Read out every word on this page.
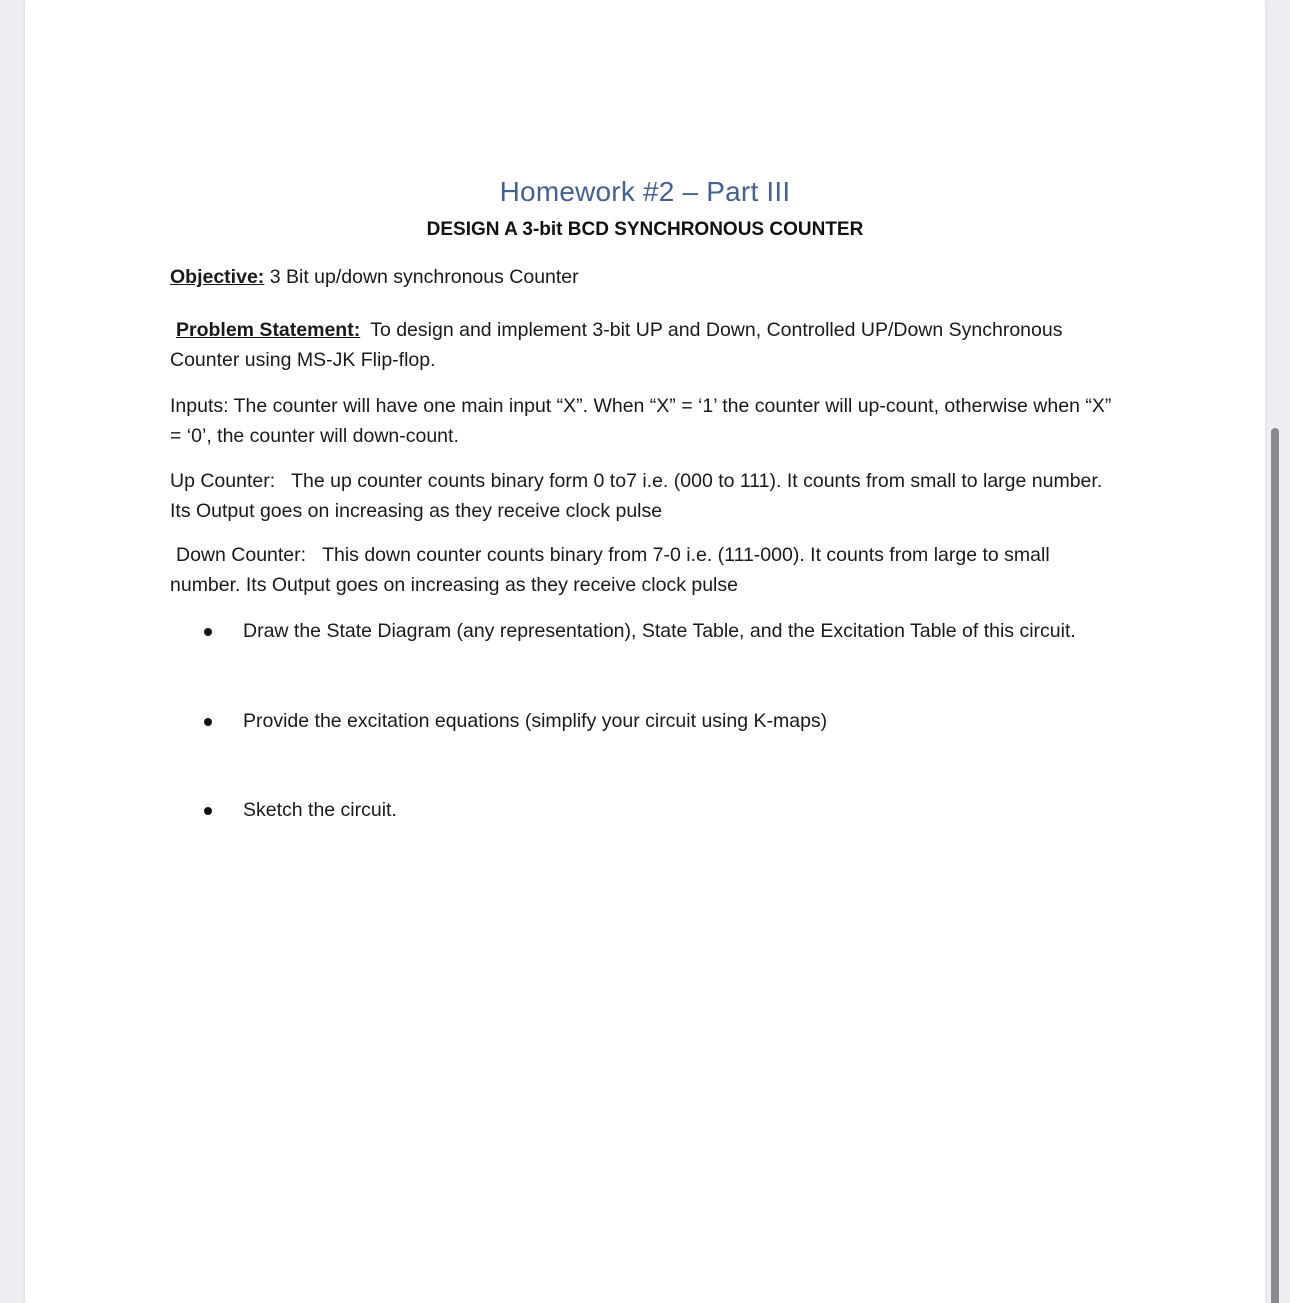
Homework #2 – Part III
DESIGN A 3-bit BCD SYNCHRONOUS COUNTER
Objective: 3 Bit up/down synchronous Counter
Problem Statement: To design and implement 3-bit UP and Down, Controlled UP/Down Synchronous Counter using MS-JK Flip-flop.
Inputs: The counter will have one main input “X”. When “X” = ‘1’ the counter will up-count, otherwise when “X” = ‘0’, the counter will down-count.
Up Counter: The up counter counts binary form 0 to7 i.e. (000 to 111). It counts from small to large number. Its Output goes on increasing as they receive clock pulse
Down Counter: This down counter counts binary from 7-0 i.e. (111-000). It counts from large to small number. Its Output goes on increasing as they receive clock pulse
Draw the State Diagram (any representation), State Table, and the Excitation Table of this circuit.
Provide the excitation equations (simplify your circuit using K-maps)
Sketch the circuit.
